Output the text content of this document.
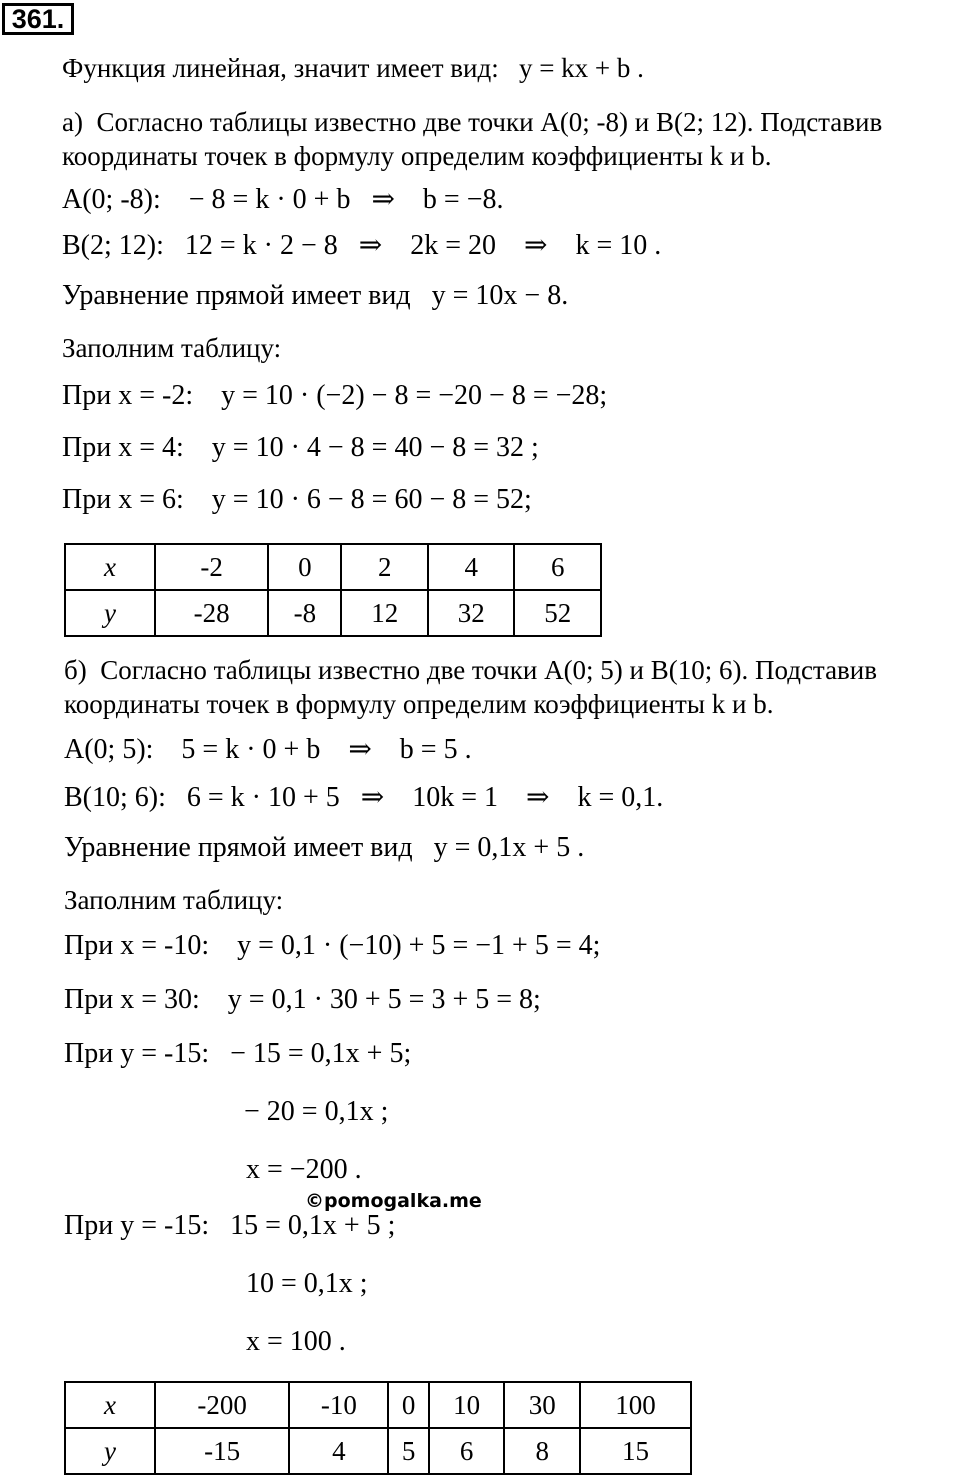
361.
Функция линейная, значит имеет вид:   y = kx + b .
а)  Согласно таблицы известно две точки А(0; -8) и В(2; 12). Подставив
координаты точек в формулу определим коэффициенты k и b.
А(0; -8):    − 8 = k · 0 + b   ⇒    b = −8.
В(2; 12):   12 = k · 2 − 8   ⇒    2k = 20    ⇒    k = 10 .
Уравнение прямой имеет вид   y = 10x − 8.
Заполним таблицу:
При x = -2:    y = 10 · (−2) − 8 = −20 − 8 = −28;
При x = 4:    y = 10 · 4 − 8 = 40 − 8 = 32 ;
При x = 6:    y = 10 · 6 − 8 = 60 − 8 = 52;
x	-2	0	2	4	6
y	-28	-8	12	32	52
б)  Согласно таблицы известно две точки А(0; 5) и В(10; 6). Подставив
координаты точек в формулу определим коэффициенты k и b.
А(0; 5):    5 = k · 0 + b    ⇒    b = 5 .
В(10; 6):   6 = k · 10 + 5   ⇒    10k = 1    ⇒    k = 0,1.
Уравнение прямой имеет вид   y = 0,1x + 5 .
Заполним таблицу:
При x = -10:    y = 0,1 · (−10) + 5 = −1 + 5 = 4;
При x = 30:    y = 0,1 · 30 + 5 = 3 + 5 = 8;
При y = -15:   − 15 = 0,1x + 5;
− 20 = 0,1x ;
x = −200 .
©pomogalka.me
При y = -15:   15 = 0,1x + 5 ;
10 = 0,1x ;
x = 100 .
x	-200	-10	0	10	30	100
y	-15	4	5	6	8	15
